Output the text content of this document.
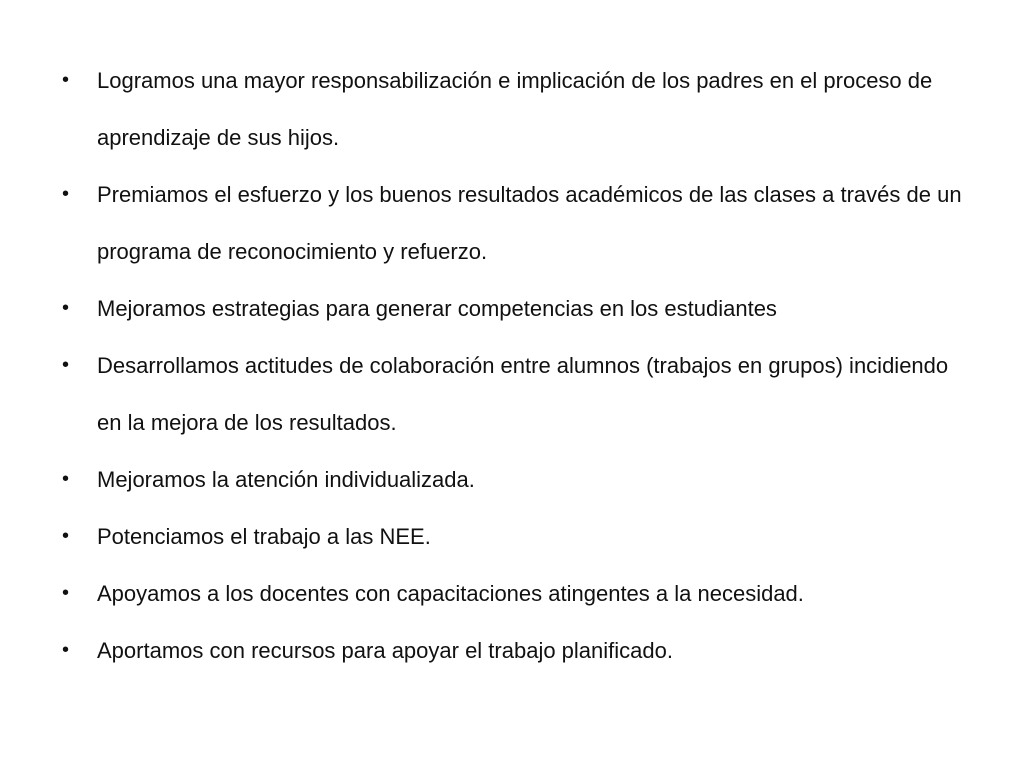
•	Logramos una mayor responsabilización e implicación de los padres en el proceso de aprendizaje de sus hijos.
•	Premiamos el esfuerzo y los buenos resultados académicos de las clases a través de un programa de reconocimiento y refuerzo.
•	Mejoramos estrategias para generar competencias en los estudiantes
•	Desarrollamos actitudes de colaboración entre alumnos (trabajos en grupos) incidiendo en la mejora de los resultados.
•	Mejoramos la atención individualizada.
•	Potenciamos el trabajo a las NEE.
•	Apoyamos a los docentes con capacitaciones atingentes a la necesidad.
•	Aportamos con recursos para apoyar el trabajo planificado.
